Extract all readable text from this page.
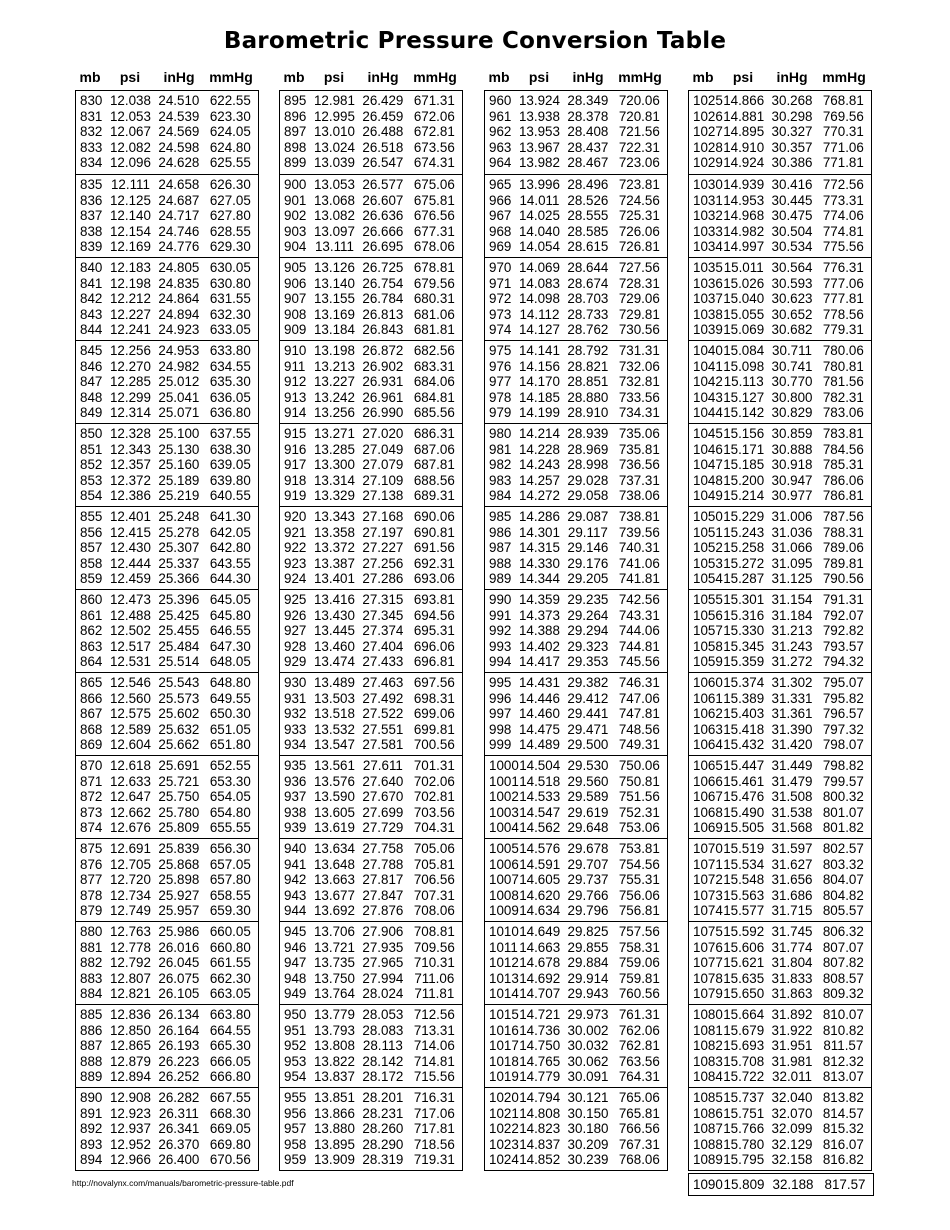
Barometric Pressure Conversion Table
mb	psi	inHg	mmHg
830 12.038 24.510 622.55
831 12.053 24.539 623.30
832 12.067 24.569 624.05
833 12.082 24.598 624.80
834 12.096 24.628 625.55
835 12.111 24.658 626.30
836 12.125 24.687 627.05
837 12.140 24.717 627.80
838 12.154 24.746 628.55
839 12.169 24.776 629.30
840 12.183 24.805 630.05
841 12.198 24.835 630.80
842 12.212 24.864 631.55
843 12.227 24.894 632.30
844 12.241 24.923 633.05
845 12.256 24.953 633.80
846 12.270 24.982 634.55
847 12.285 25.012 635.30
848 12.299 25.041 636.05
849 12.314 25.071 636.80
850 12.328 25.100 637.55
851 12.343 25.130 638.30
852 12.357 25.160 639.05
853 12.372 25.189 639.80
854 12.386 25.219 640.55
855 12.401 25.248 641.30
856 12.415 25.278 642.05
857 12.430 25.307 642.80
858 12.444 25.337 643.55
859 12.459 25.366 644.30
860 12.473 25.396 645.05
861 12.488 25.425 645.80
862 12.502 25.455 646.55
863 12.517 25.484 647.30
864 12.531 25.514 648.05
865 12.546 25.543 648.80
866 12.560 25.573 649.55
867 12.575 25.602 650.30
868 12.589 25.632 651.05
869 12.604 25.662 651.80
870 12.618 25.691 652.55
871 12.633 25.721 653.30
872 12.647 25.750 654.05
873 12.662 25.780 654.80
874 12.676 25.809 655.55
875 12.691 25.839 656.30
876 12.705 25.868 657.05
877 12.720 25.898 657.80
878 12.734 25.927 658.55
879 12.749 25.957 659.30
880 12.763 25.986 660.05
881 12.778 26.016 660.80
882 12.792 26.045 661.55
883 12.807 26.075 662.30
884 12.821 26.105 663.05
885 12.836 26.134 663.80
886 12.850 26.164 664.55
887 12.865 26.193 665.30
888 12.879 26.223 666.05
889 12.894 26.252 666.80
890 12.908 26.282 667.55
891 12.923 26.311 668.30
892 12.937 26.341 669.05
893 12.952 26.370 669.80
894 12.966 26.400 670.56
mb	psi	inHg	mmHg
895 12.981 26.429 671.31
896 12.995 26.459 672.06
897 13.010 26.488 672.81
898 13.024 26.518 673.56
899 13.039 26.547 674.31
900 13.053 26.577 675.06
901 13.068 26.607 675.81
902 13.082 26.636 676.56
903 13.097 26.666 677.31
904 13.111 26.695 678.06
905 13.126 26.725 678.81
906 13.140 26.754 679.56
907 13.155 26.784 680.31
908 13.169 26.813 681.06
909 13.184 26.843 681.81
910 13.198 26.872 682.56
911 13.213 26.902 683.31
912 13.227 26.931 684.06
913 13.242 26.961 684.81
914 13.256 26.990 685.56
915 13.271 27.020 686.31
916 13.285 27.049 687.06
917 13.300 27.079 687.81
918 13.314 27.109 688.56
919 13.329 27.138 689.31
920 13.343 27.168 690.06
921 13.358 27.197 690.81
922 13.372 27.227 691.56
923 13.387 27.256 692.31
924 13.401 27.286 693.06
925 13.416 27.315 693.81
926 13.430 27.345 694.56
927 13.445 27.374 695.31
928 13.460 27.404 696.06
929 13.474 27.433 696.81
930 13.489 27.463 697.56
931 13.503 27.492 698.31
932 13.518 27.522 699.06
933 13.532 27.551 699.81
934 13.547 27.581 700.56
935 13.561 27.611 701.31
936 13.576 27.640 702.06
937 13.590 27.670 702.81
938 13.605 27.699 703.56
939 13.619 27.729 704.31
940 13.634 27.758 705.06
941 13.648 27.788 705.81
942 13.663 27.817 706.56
943 13.677 27.847 707.31
944 13.692 27.876 708.06
945 13.706 27.906 708.81
946 13.721 27.935 709.56
947 13.735 27.965 710.31
948 13.750 27.994 711.06
949 13.764 28.024 711.81
950 13.779 28.053 712.56
951 13.793 28.083 713.31
952 13.808 28.113 714.06
953 13.822 28.142 714.81
954 13.837 28.172 715.56
955 13.851 28.201 716.31
956 13.866 28.231 717.06
957 13.880 28.260 717.81
958 13.895 28.290 718.56
959 13.909 28.319 719.31
mb	psi	inHg	mmHg
960 13.924 28.349 720.06
961 13.938 28.378 720.81
962 13.953 28.408 721.56
963 13.967 28.437 722.31
964 13.982 28.467 723.06
965 13.996 28.496 723.81
966 14.011 28.526 724.56
967 14.025 28.555 725.31
968 14.040 28.585 726.06
969 14.054 28.615 726.81
970 14.069 28.644 727.56
971 14.083 28.674 728.31
972 14.098 28.703 729.06
973 14.112 28.733 729.81
974 14.127 28.762 730.56
975 14.141 28.792 731.31
976 14.156 28.821 732.06
977 14.170 28.851 732.81
978 14.185 28.880 733.56
979 14.199 28.910 734.31
980 14.214 28.939 735.06
981 14.228 28.969 735.81
982 14.243 28.998 736.56
983 14.257 29.028 737.31
984 14.272 29.058 738.06
985 14.286 29.087 738.81
986 14.301 29.117 739.56
987 14.315 29.146 740.31
988 14.330 29.176 741.06
989 14.344 29.205 741.81
990 14.359 29.235 742.56
991 14.373 29.264 743.31
992 14.388 29.294 744.06
993 14.402 29.323 744.81
994 14.417 29.353 745.56
995 14.431 29.382 746.31
996 14.446 29.412 747.06
997 14.460 29.441 747.81
998 14.475 29.471 748.56
999 14.489 29.500 749.31
1000 14.504 29.530 750.06
1001 14.518 29.560 750.81
1002 14.533 29.589 751.56
1003 14.547 29.619 752.31
1004 14.562 29.648 753.06
1005 14.576 29.678 753.81
1006 14.591 29.707 754.56
1007 14.605 29.737 755.31
1008 14.620 29.766 756.06
1009 14.634 29.796 756.81
1010 14.649 29.825 757.56
1011 14.663 29.855 758.31
1012 14.678 29.884 759.06
1013 14.692 29.914 759.81
1014 14.707 29.943 760.56
1015 14.721 29.973 761.31
1016 14.736 30.002 762.06
1017 14.750 30.032 762.81
1018 14.765 30.062 763.56
1019 14.779 30.091 764.31
1020 14.794 30.121 765.06
1021 14.808 30.150 765.81
1022 14.823 30.180 766.56
1023 14.837 30.209 767.31
1024 14.852 30.239 768.06
mb	psi	inHg	mmHg
1025 14.866 30.268 768.81
1026 14.881 30.298 769.56
1027 14.895 30.327 770.31
1028 14.910 30.357 771.06
1029 14.924 30.386 771.81
1030 14.939 30.416 772.56
1031 14.953 30.445 773.31
1032 14.968 30.475 774.06
1033 14.982 30.504 774.81
1034 14.997 30.534 775.56
1035 15.011 30.564 776.31
1036 15.026 30.593 777.06
1037 15.040 30.623 777.81
1038 15.055 30.652 778.56
1039 15.069 30.682 779.31
1040 15.084 30.711 780.06
1041 15.098 30.741 780.81
1042 15.113 30.770 781.56
1043 15.127 30.800 782.31
1044 15.142 30.829 783.06
1045 15.156 30.859 783.81
1046 15.171 30.888 784.56
1047 15.185 30.918 785.31
1048 15.200 30.947 786.06
1049 15.214 30.977 786.81
1050 15.229 31.006 787.56
1051 15.243 31.036 788.31
1052 15.258 31.066 789.06
1053 15.272 31.095 789.81
1054 15.287 31.125 790.56
1055 15.301 31.154 791.31
1056 15.316 31.184 792.07
1057 15.330 31.213 792.82
1058 15.345 31.243 793.57
1059 15.359 31.272 794.32
1060 15.374 31.302 795.07
1061 15.389 31.331 795.82
1062 15.403 31.361 796.57
1063 15.418 31.390 797.32
1064 15.432 31.420 798.07
1065 15.447 31.449 798.82
1066 15.461 31.479 799.57
1067 15.476 31.508 800.32
1068 15.490 31.538 801.07
1069 15.505 31.568 801.82
1070 15.519 31.597 802.57
1071 15.534 31.627 803.32
1072 15.548 31.656 804.07
1073 15.563 31.686 804.82
1074 15.577 31.715 805.57
1075 15.592 31.745 806.32
1076 15.606 31.774 807.07
1077 15.621 31.804 807.82
1078 15.635 31.833 808.57
1079 15.650 31.863 809.32
1080 15.664 31.892 810.07
1081 15.679 31.922 810.82
1082 15.693 31.951 811.57
1083 15.708 31.981 812.32
1084 15.722 32.011 813.07
1085 15.737 32.040 813.82
1086 15.751 32.070 814.57
1087 15.766 32.099 815.32
1088 15.780 32.129 816.07
1089 15.795 32.158 816.82
1090 15.809 32.188 817.57
http://novalynx.com/manuals/barometric-pressure-table.pdf
